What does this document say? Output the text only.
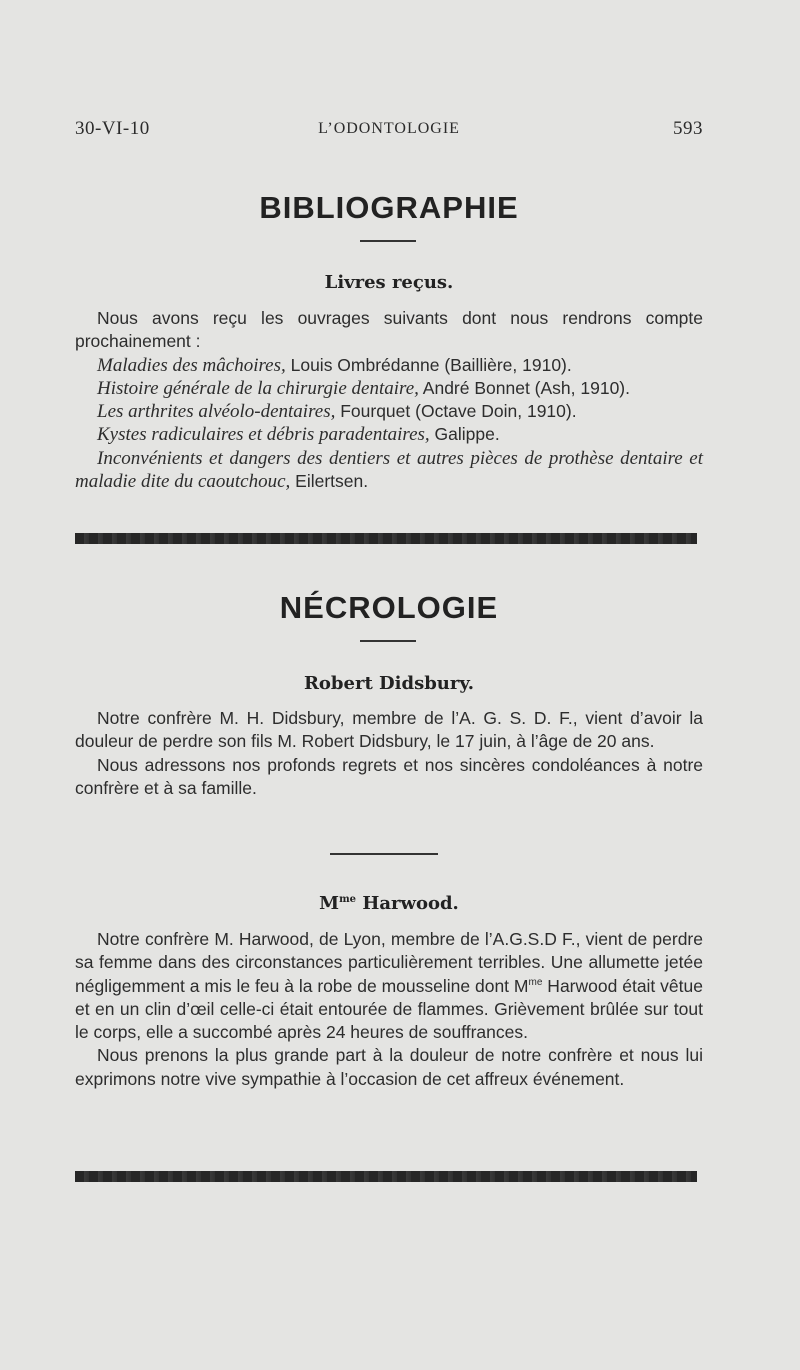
30-VI-10	L’ODONTOLOGIE	593
BIBLIOGRAPHIE
Livres reçus.

Nous avons reçu les ouvrages suivants dont nous rendrons compte prochainement :

Maladies des mâchoires, Louis Ombrédanne (Baillière, 1910).

Histoire générale de la chirurgie dentaire, André Bonnet (Ash, 1910).

Les arthrites alvéolo-dentaires, Fourquet (Octave Doin, 1910).

Kystes radiculaires et débris paradentaires, Galippe.

Inconvénients et dangers des dentiers et autres pièces de prothèse dentaire et maladie dite du caoutchouc, Eilertsen.

NÉCROLOGIE
Robert Didsbury.

Notre confrère M. H. Didsbury, membre de l’A. G. S. D. F., vient d’avoir la douleur de perdre son fils M. Robert Didsbury, le 17 juin, à l’âge de 20 ans.

Nous adressons nos profonds regrets et nos sincères condoléances à notre confrère et à sa famille.

$M^{me}$ Harwood.

Notre confrère M. Harwood, de Lyon, membre de l’A.G.S.D F., vient de perdre sa femme dans des circonstances particulièrement terribles. Une allumette jetée négligemment a mis le feu à la robe de mousseline dont $M^{me}$ Harwood était vêtue et en un clin d’œil celle-ci était entourée de flammes. Grièvement brûlée sur tout le corps, elle a succombé après 24 heures de souffrances.

Nous prenons la plus grande part à la douleur de notre confrère et nous lui exprimons notre vive sympathie à l’occasion de cet affreux événement.
